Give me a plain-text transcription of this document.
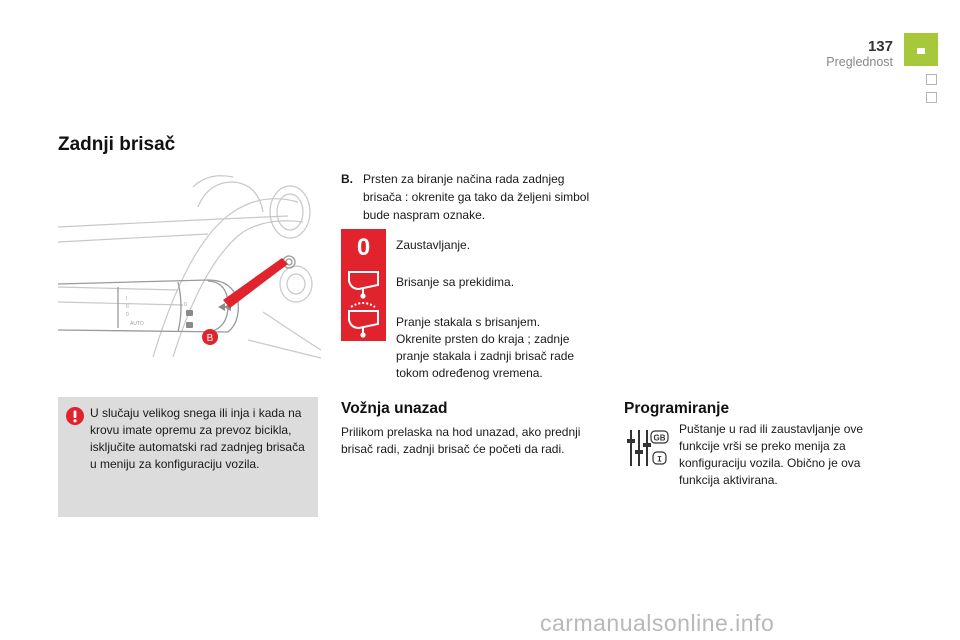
137
Preglednost
Zadnji brisač
I
II
0
AUTO
0
B
B. Prsten za biranje načina rada zadnjeg brisača : okrenite ga tako da željeni simbol bude naspram oznake.
0 Zaustavljanje.
Brisanje sa prekidima.
Pranje stakala s brisanjem. Okrenite prsten do kraja ; zadnje pranje stakala i zadnji brisač rade tokom određenog vremena.
U slučaju velikog snega ili inja i kada na krovu imate opremu za prevoz bicikla, isključite automatski rad zadnjeg brisača u meniju za konfiguraciju vozila.
Vožnja unazad
Prilikom prelaska na hod unazad, ako prednji brisač radi, zadnji brisač će početi da radi.
Programiranje
GB
I
Puštanje u rad ili zaustavljanje ove funkcije vrši se preko menija za konfiguraciju vozila. Obično je ova funkcija aktivirana.
carmanualsonline.info
